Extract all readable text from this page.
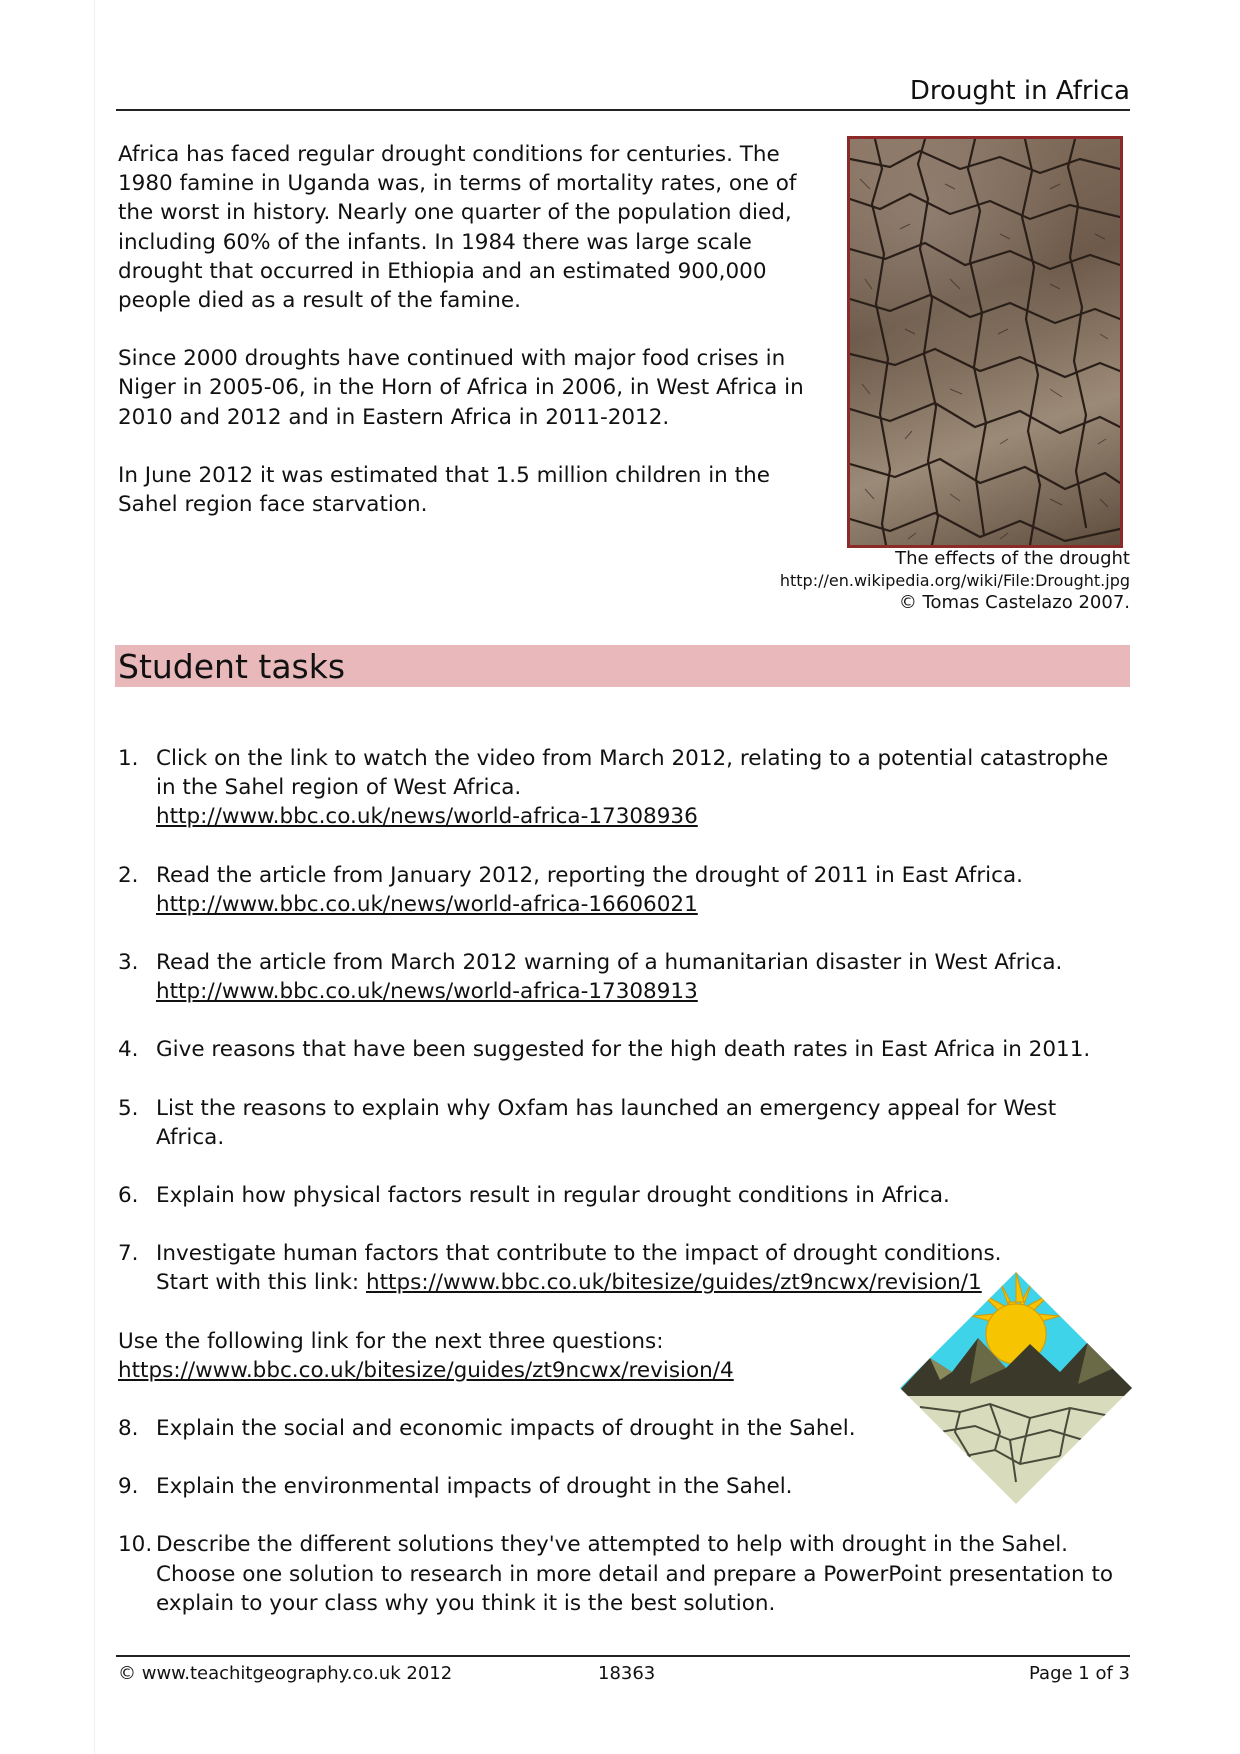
Drought in Africa

Africa has faced regular drought conditions for centuries. The 1980 famine in Uganda was, in terms of mortality rates, one of the worst in history. Nearly one quarter of the population died, including 60% of the infants. In 1984 there was large scale drought that occurred in Ethiopia and an estimated 900,000 people died as a result of the famine.

Since 2000 droughts have continued with major food crises in Niger in 2005-06, in the Horn of Africa in 2006, in West Africa in 2010 and 2012 and in Eastern Africa in 2011-2012.

In June 2012 it was estimated that 1.5 million children in the Sahel region face starvation.

The effects of the drought
http://en.wikipedia.org/wiki/File:Drought.jpg
© Tomas Castelazo 2007.
Student tasks
1. Click on the link to watch the video from March 2012, relating to a potential catastrophe in the Sahel region of West Africa.
http://www.bbc.co.uk/news/world-africa-17308936
2. Read the article from January 2012, reporting the drought of 2011 in East Africa.
http://www.bbc.co.uk/news/world-africa-16606021
3. Read the article from March 2012 warning of a humanitarian disaster in West Africa.
http://www.bbc.co.uk/news/world-africa-17308913
4. Give reasons that have been suggested for the high death rates in East Africa in 2011.
5. List the reasons to explain why Oxfam has launched an emergency appeal for West Africa.
6. Explain how physical factors result in regular drought conditions in Africa.
7. Investigate human factors that contribute to the impact of drought conditions.
Start with this link: https://www.bbc.co.uk/bitesize/guides/zt9ncwx/revision/1
Use the following link for the next three questions:
https://www.bbc.co.uk/bitesize/guides/zt9ncwx/revision/4
8. Explain the social and economic impacts of drought in the Sahel.
9. Explain the environmental impacts of drought in the Sahel.
10. Describe the different solutions they've attempted to help with drought in the Sahel. Choose one solution to research in more detail and prepare a PowerPoint presentation to explain to your class why you think it is the best solution.
© www.teachitgeography.co.uk 2012	18363	Page 1 of 3
